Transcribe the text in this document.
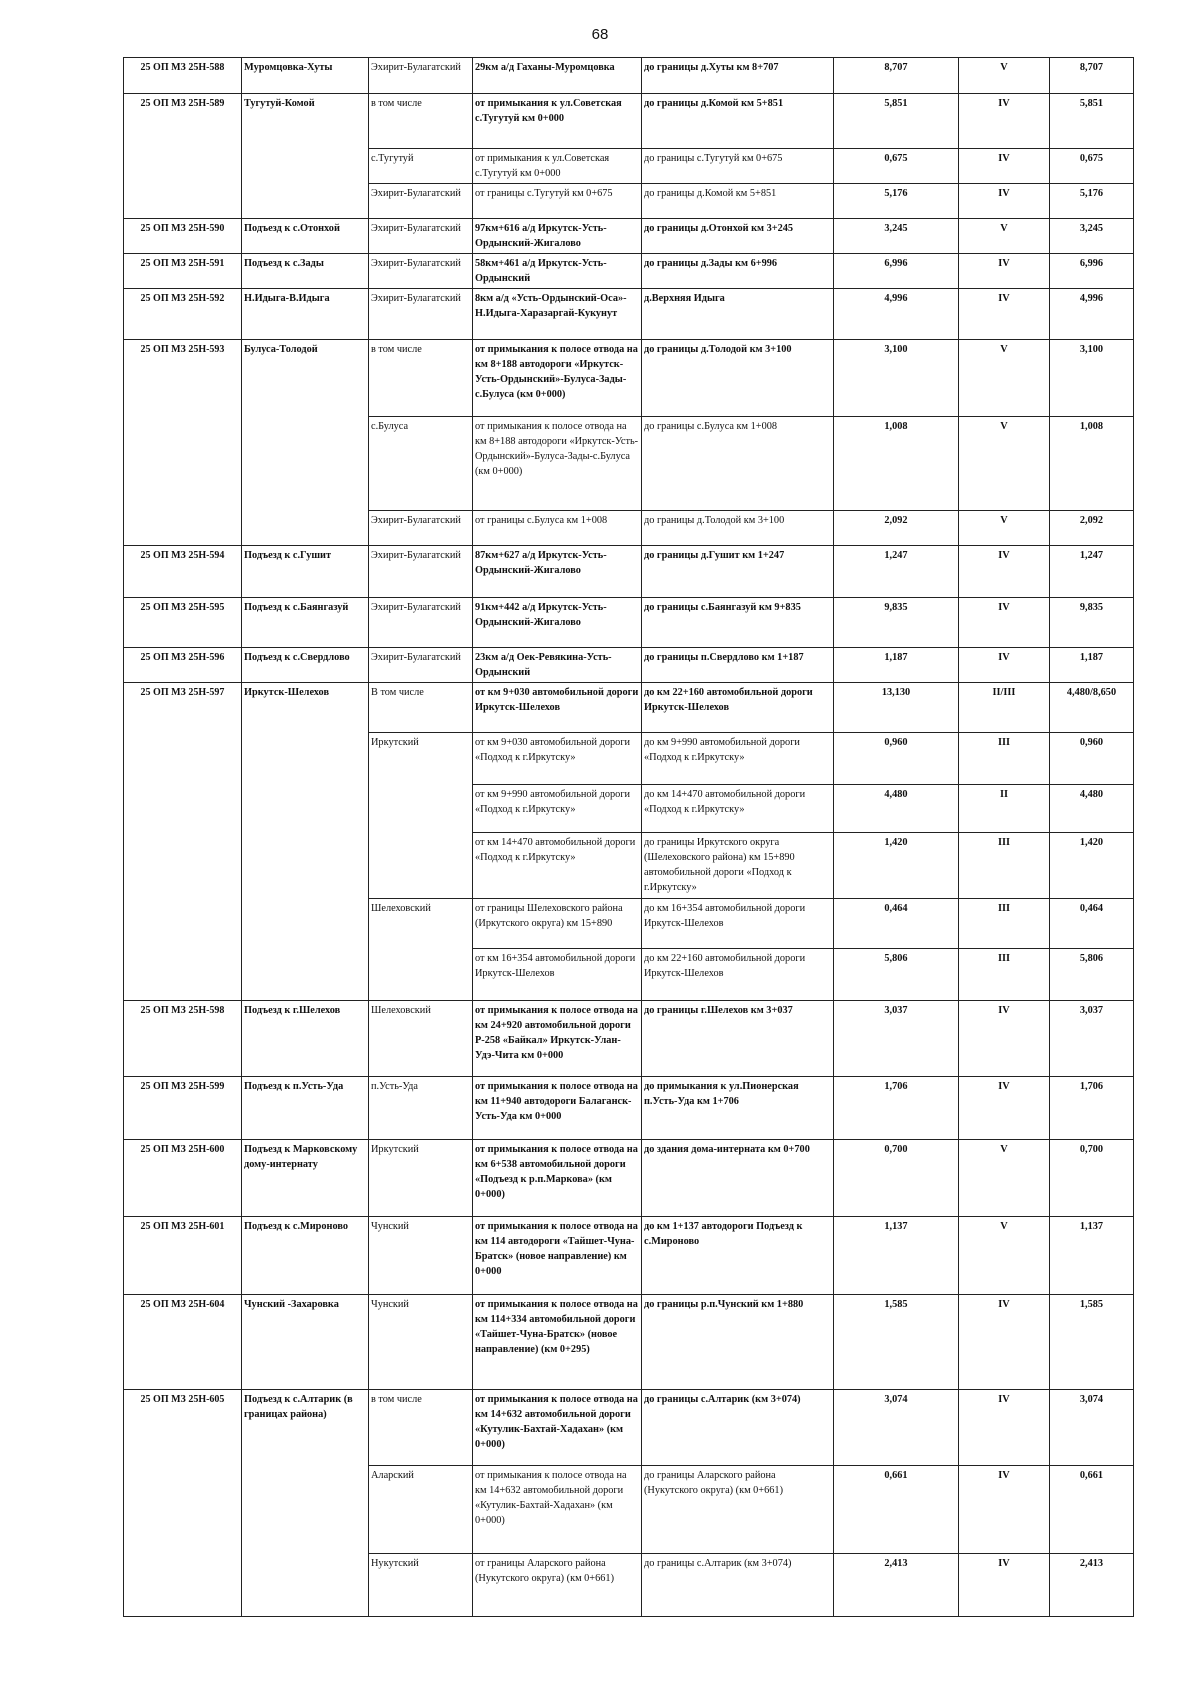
68
25 ОП МЗ 25Н-588	Муромцовка-Хуты	Эхирит-Булагатский	29км а/д Гаханы-Муромцовка	до границы д.Хуты км 8+707	8,707	V	8,707
25 ОП МЗ 25Н-589	Тугутуй-Комой	в том числе	от примыкания к ул.Советская с.Тугутуй км 0+000	до границы д.Комой км 5+851	5,851	IV	5,851
		с.Тугутуй	от примыкания к ул.Советская с.Тугутуй км 0+000	до границы с.Тугутуй км 0+675	0,675	IV	0,675
		Эхирит-Булагатский	от границы с.Тугутуй км 0+675	до границы д.Комой км 5+851	5,176	IV	5,176
25 ОП МЗ 25Н-590	Подъезд к с.Отонхой	Эхирит-Булагатский	97км+616 а/д Иркутск-Усть-Ордынский-Жигалово	до границы д.Отонхой км 3+245	3,245	V	3,245
25 ОП МЗ 25Н-591	Подъезд к с.Зады	Эхирит-Булагатский	58км+461 а/д Иркутск-Усть-Ордынский	до границы д.Зады км 6+996	6,996	IV	6,996
25 ОП МЗ 25Н-592	Н.Идыга-В.Идыга	Эхирит-Булагатский	8км а/д «Усть-Ордынский-Оса»-Н.Идыга-Харазаргай-Кукунут	д.Верхняя Идыга	4,996	IV	4,996
25 ОП МЗ 25Н-593	Булуса-Толодой	в том числе	от примыкания к полосе отвода на км 8+188 автодороги «Иркутск-Усть-Ордынский»-Булуса-Зады-с.Булуса (км 0+000)	до границы д.Толодой км 3+100	3,100	V	3,100
		с.Булуса	от примыкания к полосе отвода на км 8+188 автодороги «Иркутск-Усть-Ордынский»-Булуса-Зады-с.Булуса (км 0+000)	до границы с.Булуса км 1+008	1,008	V	1,008
		Эхирит-Булагатский	от границы с.Булуса км 1+008	до границы д.Толодой км 3+100	2,092	V	2,092
25 ОП МЗ 25Н-594	Подъезд к с.Гушит	Эхирит-Булагатский	87км+627 а/д Иркутск-Усть-Ордынский-Жигалово	до границы д.Гушит км 1+247	1,247	IV	1,247
25 ОП МЗ 25Н-595	Подъезд к с.Баянгазуй	Эхирит-Булагатский	91км+442 а/д Иркутск-Усть-Ордынский-Жигалово	до границы с.Баянгазуй км 9+835	9,835	IV	9,835
25 ОП МЗ 25Н-596	Подъезд к с.Свердлово	Эхирит-Булагатский	23км а/д Оек-Ревякина-Усть-Ордынский	до границы п.Свердлово км 1+187	1,187	IV	1,187
25 ОП МЗ 25Н-597	Иркутск-Шелехов	В том числе	от км 9+030 автомобильной дороги Иркутск-Шелехов	до км 22+160 автомобильной дороги Иркутск-Шелехов	13,130	II/III	4,480/8,650
		Иркутский	от км 9+030 автомобильной дороги «Подход к г.Иркутску»	до км 9+990 автомобильной дороги «Подход к г.Иркутску»	0,960	III	0,960
			от км 9+990 автомобильной дороги «Подход к г.Иркутску»	до км 14+470 автомобильной дороги «Подход к г.Иркутску»	4,480	II	4,480
			от км 14+470 автомобильной дороги «Подход к г.Иркутску»	до границы Иркутского округа (Шелеховского района) км 15+890 автомобильной дороги «Подход к г.Иркутску»	1,420	III	1,420
		Шелеховский	от границы Шелеховского района (Иркутского округа) км 15+890	до км 16+354 автомобильной дороги Иркутск-Шелехов	0,464	III	0,464
			от км 16+354 автомобильной дороги Иркутск-Шелехов	до км 22+160 автомобильной дороги Иркутск-Шелехов	5,806	III	5,806
25 ОП МЗ 25Н-598	Подъезд к г.Шелехов	Шелеховский	от примыкания к полосе отвода на км 24+920 автомобильной дороги Р-258 «Байкал» Иркутск-Улан-Удэ-Чита км 0+000	до границы г.Шелехов км 3+037	3,037	IV	3,037
25 ОП МЗ 25Н-599	Подъезд к п.Усть-Уда	п.Усть-Уда	от примыкания к полосе отвода на км 11+940 автодороги Балаганск-Усть-Уда км 0+000	до примыкания к ул.Пионерская п.Усть-Уда км 1+706	1,706	IV	1,706
25 ОП МЗ 25Н-600	Подъезд к Марковскому дому-интернату	Иркутский	от примыкания к полосе отвода на км 6+538 автомобильной дороги «Подъезд к р.п.Маркова» (км 0+000)	до здания дома-интерната км 0+700	0,700	V	0,700
25 ОП МЗ 25Н-601	Подъезд к с.Мироново	Чунский	от примыкания к полосе отвода на км 114 автодороги «Тайшет-Чуна-Братск» (новое направление) км 0+000	до км 1+137 автодороги Подъезд к с.Мироново	1,137	V	1,137
25 ОП МЗ 25Н-604	Чунский -Захаровка	Чунский	от примыкания к полосе отвода на км 114+334 автомобильной дороги «Тайшет-Чуна-Братск» (новое направление) (км 0+295)	до границы р.п.Чунский км 1+880	1,585	IV	1,585
25 ОП МЗ 25Н-605	Подъезд к с.Алтарик (в границах района)	в том числе	от примыкания к полосе отвода на км 14+632 автомобильной дороги «Кутулик-Бахтай-Хадахан» (км 0+000)	до границы с.Алтарик (км 3+074)	3,074	IV	3,074
		Аларский	от примыкания к полосе отвода на км 14+632 автомобильной дороги «Кутулик-Бахтай-Хадахан» (км 0+000)	до границы Аларского района (Нукутского округа) (км 0+661)	0,661	IV	0,661
		Нукутский	от границы Аларского района (Нукутского округа) (км 0+661)	до границы с.Алтарик (км 3+074)	2,413	IV	2,413
